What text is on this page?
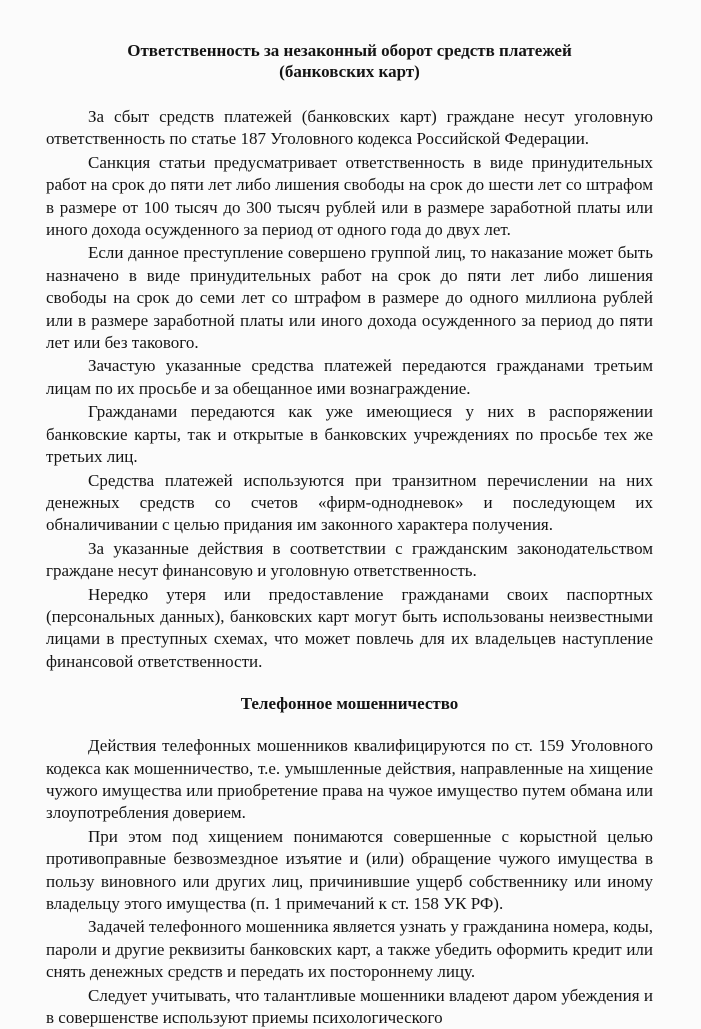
Ответственность за незаконный оборот средств платежей
(банковских карт)

За сбыт средств платежей (банковских карт) граждане несут уголовную ответственность по статье 187 Уголовного кодекса Российской Федерации.

Санкция статьи предусматривает ответственность в виде принудительных работ на срок до пяти лет либо лишения свободы на срок до шести лет со штрафом в размере от 100 тысяч до 300 тысяч рублей или в размере заработной платы или иного дохода осужденного за период от одного года до двух лет.

Если данное преступление совершено группой лиц, то наказание может быть назначено в виде принудительных работ на срок до пяти лет либо лишения свободы на срок до семи лет со штрафом в размере до одного миллиона рублей или в размере заработной платы или иного дохода осужденного за период до пяти лет или без такового.

Зачастую указанные средства платежей передаются гражданами третьим лицам по их просьбе и за обещанное ими вознаграждение.

Гражданами передаются как уже имеющиеся у них в распоряжении банковские карты, так и открытые в банковских учреждениях по просьбе тех же третьих лиц.

Средства платежей используются при транзитном перечислении на них денежных средств со счетов «фирм-однодневок» и последующем их обналичивании с целью придания им законного характера получения.

За указанные действия в соответствии с гражданским законодательством граждане несут финансовую и уголовную ответственность.

Нередко утеря или предоставление гражданами своих паспортных (персональных данных), банковских карт могут быть использованы неизвестными лицами в преступных схемах, что может повлечь для их владельцев наступление финансовой ответственности.

Телефонное мошенничество

Действия телефонных мошенников квалифицируются по ст. 159 Уголовного кодекса как мошенничество, т.е. умышленные действия, направленные на хищение чужого имущества или приобретение права на чужое имущество путем обмана или злоупотребления доверием.

При этом под хищением понимаются совершенные с корыстной целью противоправные безвозмездное изъятие и (или) обращение чужого имущества в пользу виновного или других лиц, причинившие ущерб собственнику или иному владельцу этого имущества (п. 1 примечаний к ст. 158 УК РФ).

Задачей телефонного мошенника является узнать у гражданина номера, коды, пароли и другие реквизиты банковских карт, а также убедить оформить кредит или снять денежных средств и передать их постороннему лицу.

Следует учитывать, что талантливые мошенники владеют даром убеждения и в совершенстве используют приемы психологического
